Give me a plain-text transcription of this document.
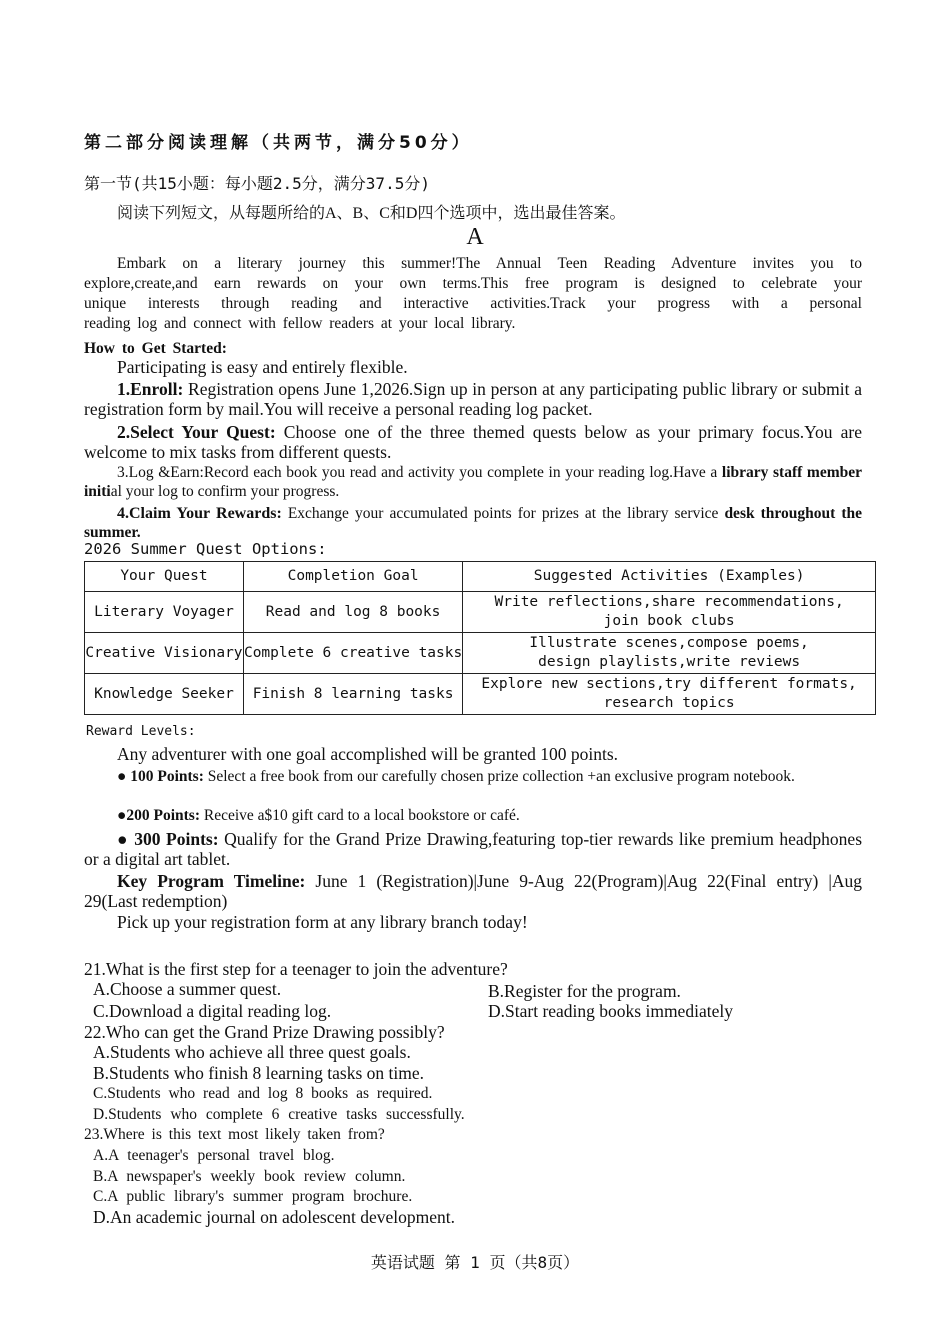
第二部分阅读理解（共两节，满分50分）
第一节(共15小题：每小题2.5分，满分37.5分)
阅读下列短文，从每题所给的A、B、C和D四个选项中，选出最佳答案。
A
Embark on a literary journey this summer!The Annual Teen Reading Adventure invites you to
explore,create,and earn rewards on your own terms.This free program is designed to celebrate your
unique interests through reading and interactive activities.Track your progress with a personal
reading log and connect with fellow readers at your local library.
How to Get Started:
Participating is easy and entirely flexible.
1.Enroll: Registration opens June 1,2026.Sign up in person at any participating public library or submit a registration form by mail.You will receive a personal reading log packet.
2.Select Your Quest: Choose one of the three themed quests below as your primary focus.You are welcome to mix tasks from different quests.
3.Log &Earn:Record each book you read and activity you complete in your reading log.Have a library staff member initial your log to confirm your progress.
4.Claim Your Rewards: Exchange your accumulated points for prizes at the library service desk throughout the summer.
2026 Summer Quest Options:
Your Quest	Completion Goal	Suggested Activities (Examples)
Literary Voyager	Read and log 8 books	Write reflections,share recommendations,
join book clubs
Creative Visionary	Complete 6 creative tasks	Illustrate scenes,compose poems,
design playlists,write reviews
Knowledge Seeker	Finish 8 learning tasks	Explore new sections,try different formats,
research topics
Reward Levels:
Any adventurer with one goal accomplished will be granted 100 points.
● 100 Points: Select a free book from our carefully chosen prize collection +an exclusive program notebook.
●200 Points: Receive a$10 gift card to a local bookstore or café.
● 300 Points: Qualify for the Grand Prize Drawing,featuring top-tier rewards like premium headphones or a digital art tablet.
Key Program Timeline: June 1 (Registration)|June 9-Aug 22(Program)|Aug 22(Final entry) |Aug 29(Last redemption)
Pick up your registration form at any library branch today!
21.What is the first step for a teenager to join the adventure?
A.Choose a summer quest.	B.Register for the program.
C.Download a digital reading log.	D.Start reading books immediately
22.Who can get the Grand Prize Drawing possibly?
A.Students who achieve all three quest goals.
B.Students who finish 8 learning tasks on time.
C.Students who read and log 8 books as required.
D.Students who complete 6 creative tasks successfully.
23.Where is this text most likely taken from?
A.A teenager's personal travel blog.
B.A newspaper's weekly book review column.
C.A public library's summer program brochure.
D.An academic journal on adolescent development.
英语试题 第 1 页（共8页）
